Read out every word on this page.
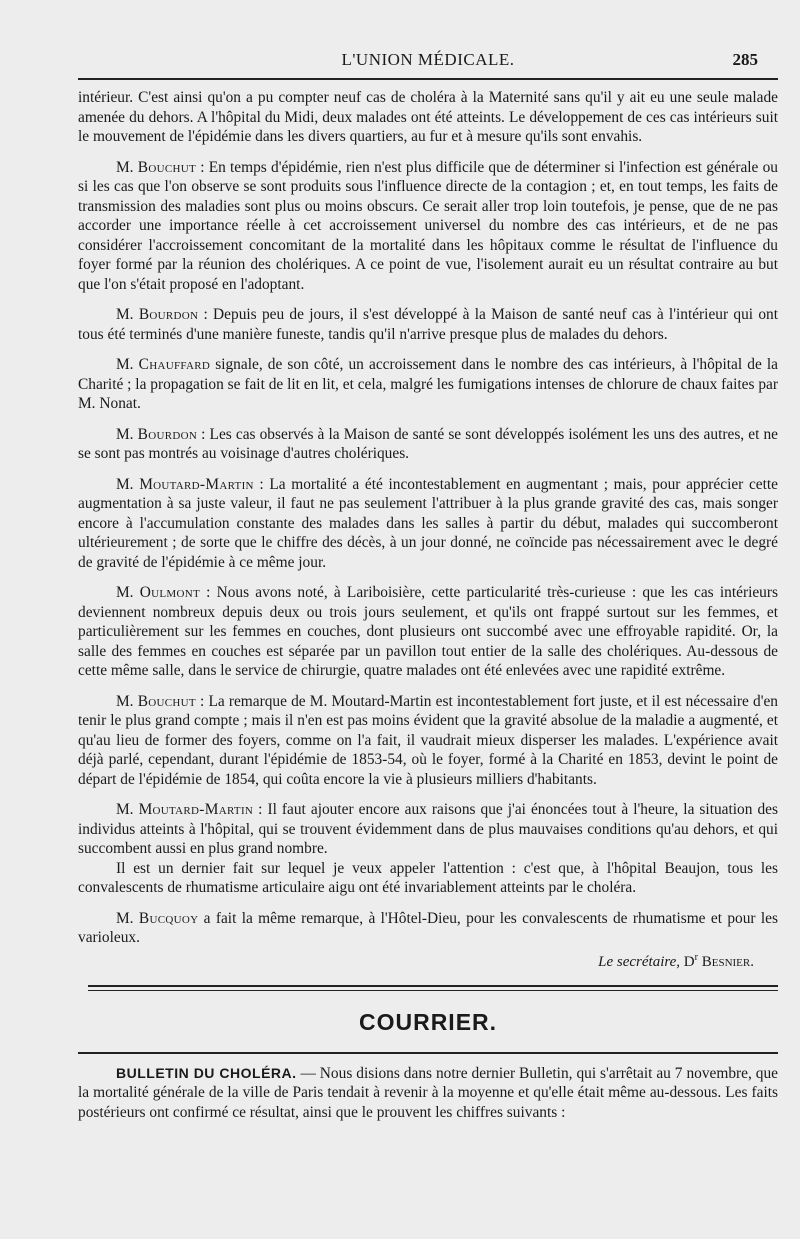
L'UNION MÉDICALE.	285

intérieur. C'est ainsi qu'on a pu compter neuf cas de choléra à la Maternité sans qu'il y ait eu une seule malade amenée du dehors. A l'hôpital du Midi, deux malades ont été atteints. Le développement de ces cas intérieurs suit le mouvement de l'épidémie dans les divers quartiers, au fur et à mesure qu'ils sont envahis.

M. Bouchut : En temps d'épidémie, rien n'est plus difficile que de déterminer si l'infection est générale ou si les cas que l'on observe se sont produits sous l'influence directe de la contagion ; et, en tout temps, les faits de transmission des maladies sont plus ou moins obscurs. Ce serait aller trop loin toutefois, je pense, que de ne pas accorder une importance réelle à cet accroissement universel du nombre des cas intérieurs, et de ne pas considérer l'accroissement concomitant de la mortalité dans les hôpitaux comme le résultat de l'influence du foyer formé par la réunion des cholériques. A ce point de vue, l'isolement aurait eu un résultat contraire au but que l'on s'était proposé en l'adoptant.

M. Bourdon : Depuis peu de jours, il s'est développé à la Maison de santé neuf cas à l'intérieur qui ont tous été terminés d'une manière funeste, tandis qu'il n'arrive presque plus de malades du dehors.

M. Chauffard signale, de son côté, un accroissement dans le nombre des cas intérieurs, à l'hôpital de la Charité ; la propagation se fait de lit en lit, et cela, malgré les fumigations intenses de chlorure de chaux faites par M. Nonat.

M. Bourdon : Les cas observés à la Maison de santé se sont développés isolément les uns des autres, et ne se sont pas montrés au voisinage d'autres cholériques.

M. Moutard-Martin : La mortalité a été incontestablement en augmentant ; mais, pour apprécier cette augmentation à sa juste valeur, il faut ne pas seulement l'attribuer à la plus grande gravité des cas, mais songer encore à l'accumulation constante des malades dans les salles à partir du début, malades qui succomberont ultérieurement ; de sorte que le chiffre des décès, à un jour donné, ne coïncide pas nécessairement avec le degré de gravité de l'épidémie à ce même jour.

M. Oulmont : Nous avons noté, à Lariboisière, cette particularité très-curieuse : que les cas intérieurs deviennent nombreux depuis deux ou trois jours seulement, et qu'ils ont frappé surtout sur les femmes, et particulièrement sur les femmes en couches, dont plusieurs ont succombé avec une effroyable rapidité. Or, la salle des femmes en couches est séparée par un pavillon tout entier de la salle des cholériques. Au-dessous de cette même salle, dans le service de chirurgie, quatre malades ont été enlevées avec une rapidité extrême.

M. Bouchut : La remarque de M. Moutard-Martin est incontestablement fort juste, et il est nécessaire d'en tenir le plus grand compte ; mais il n'en est pas moins évident que la gravité absolue de la maladie a augmenté, et qu'au lieu de former des foyers, comme on l'a fait, il vaudrait mieux disperser les malades. L'expérience avait déjà parlé, cependant, durant l'épidémie de 1853-54, où le foyer, formé à la Charité en 1853, devint le point de départ de l'épidémie de 1854, qui coûta encore la vie à plusieurs milliers d'habitants.

M. Moutard-Martin : Il faut ajouter encore aux raisons que j'ai énoncées tout à l'heure, la situation des individus atteints à l'hôpital, qui se trouvent évidemment dans de plus mauvaises conditions qu'au dehors, et qui succombent aussi en plus grand nombre.

Il est un dernier fait sur lequel je veux appeler l'attention : c'est que, à l'hôpital Beaujon, tous les convalescents de rhumatisme articulaire aigu ont été invariablement atteints par le choléra.

M. Bucquoy a fait la même remarque, à l'Hôtel-Dieu, pour les convalescents de rhumatisme et pour les varioleux.

Le secrétaire, $D^r$ Besnier.
COURRIER.

BULLETIN DU CHOLÉRA. — Nous disions dans notre dernier Bulletin, qui s'arrêtait au 7 novembre, que la mortalité générale de la ville de Paris tendait à revenir à la moyenne et qu'elle était même au-dessous. Les faits postérieurs ont confirmé ce résultat, ainsi que le prouvent les chiffres suivants :
